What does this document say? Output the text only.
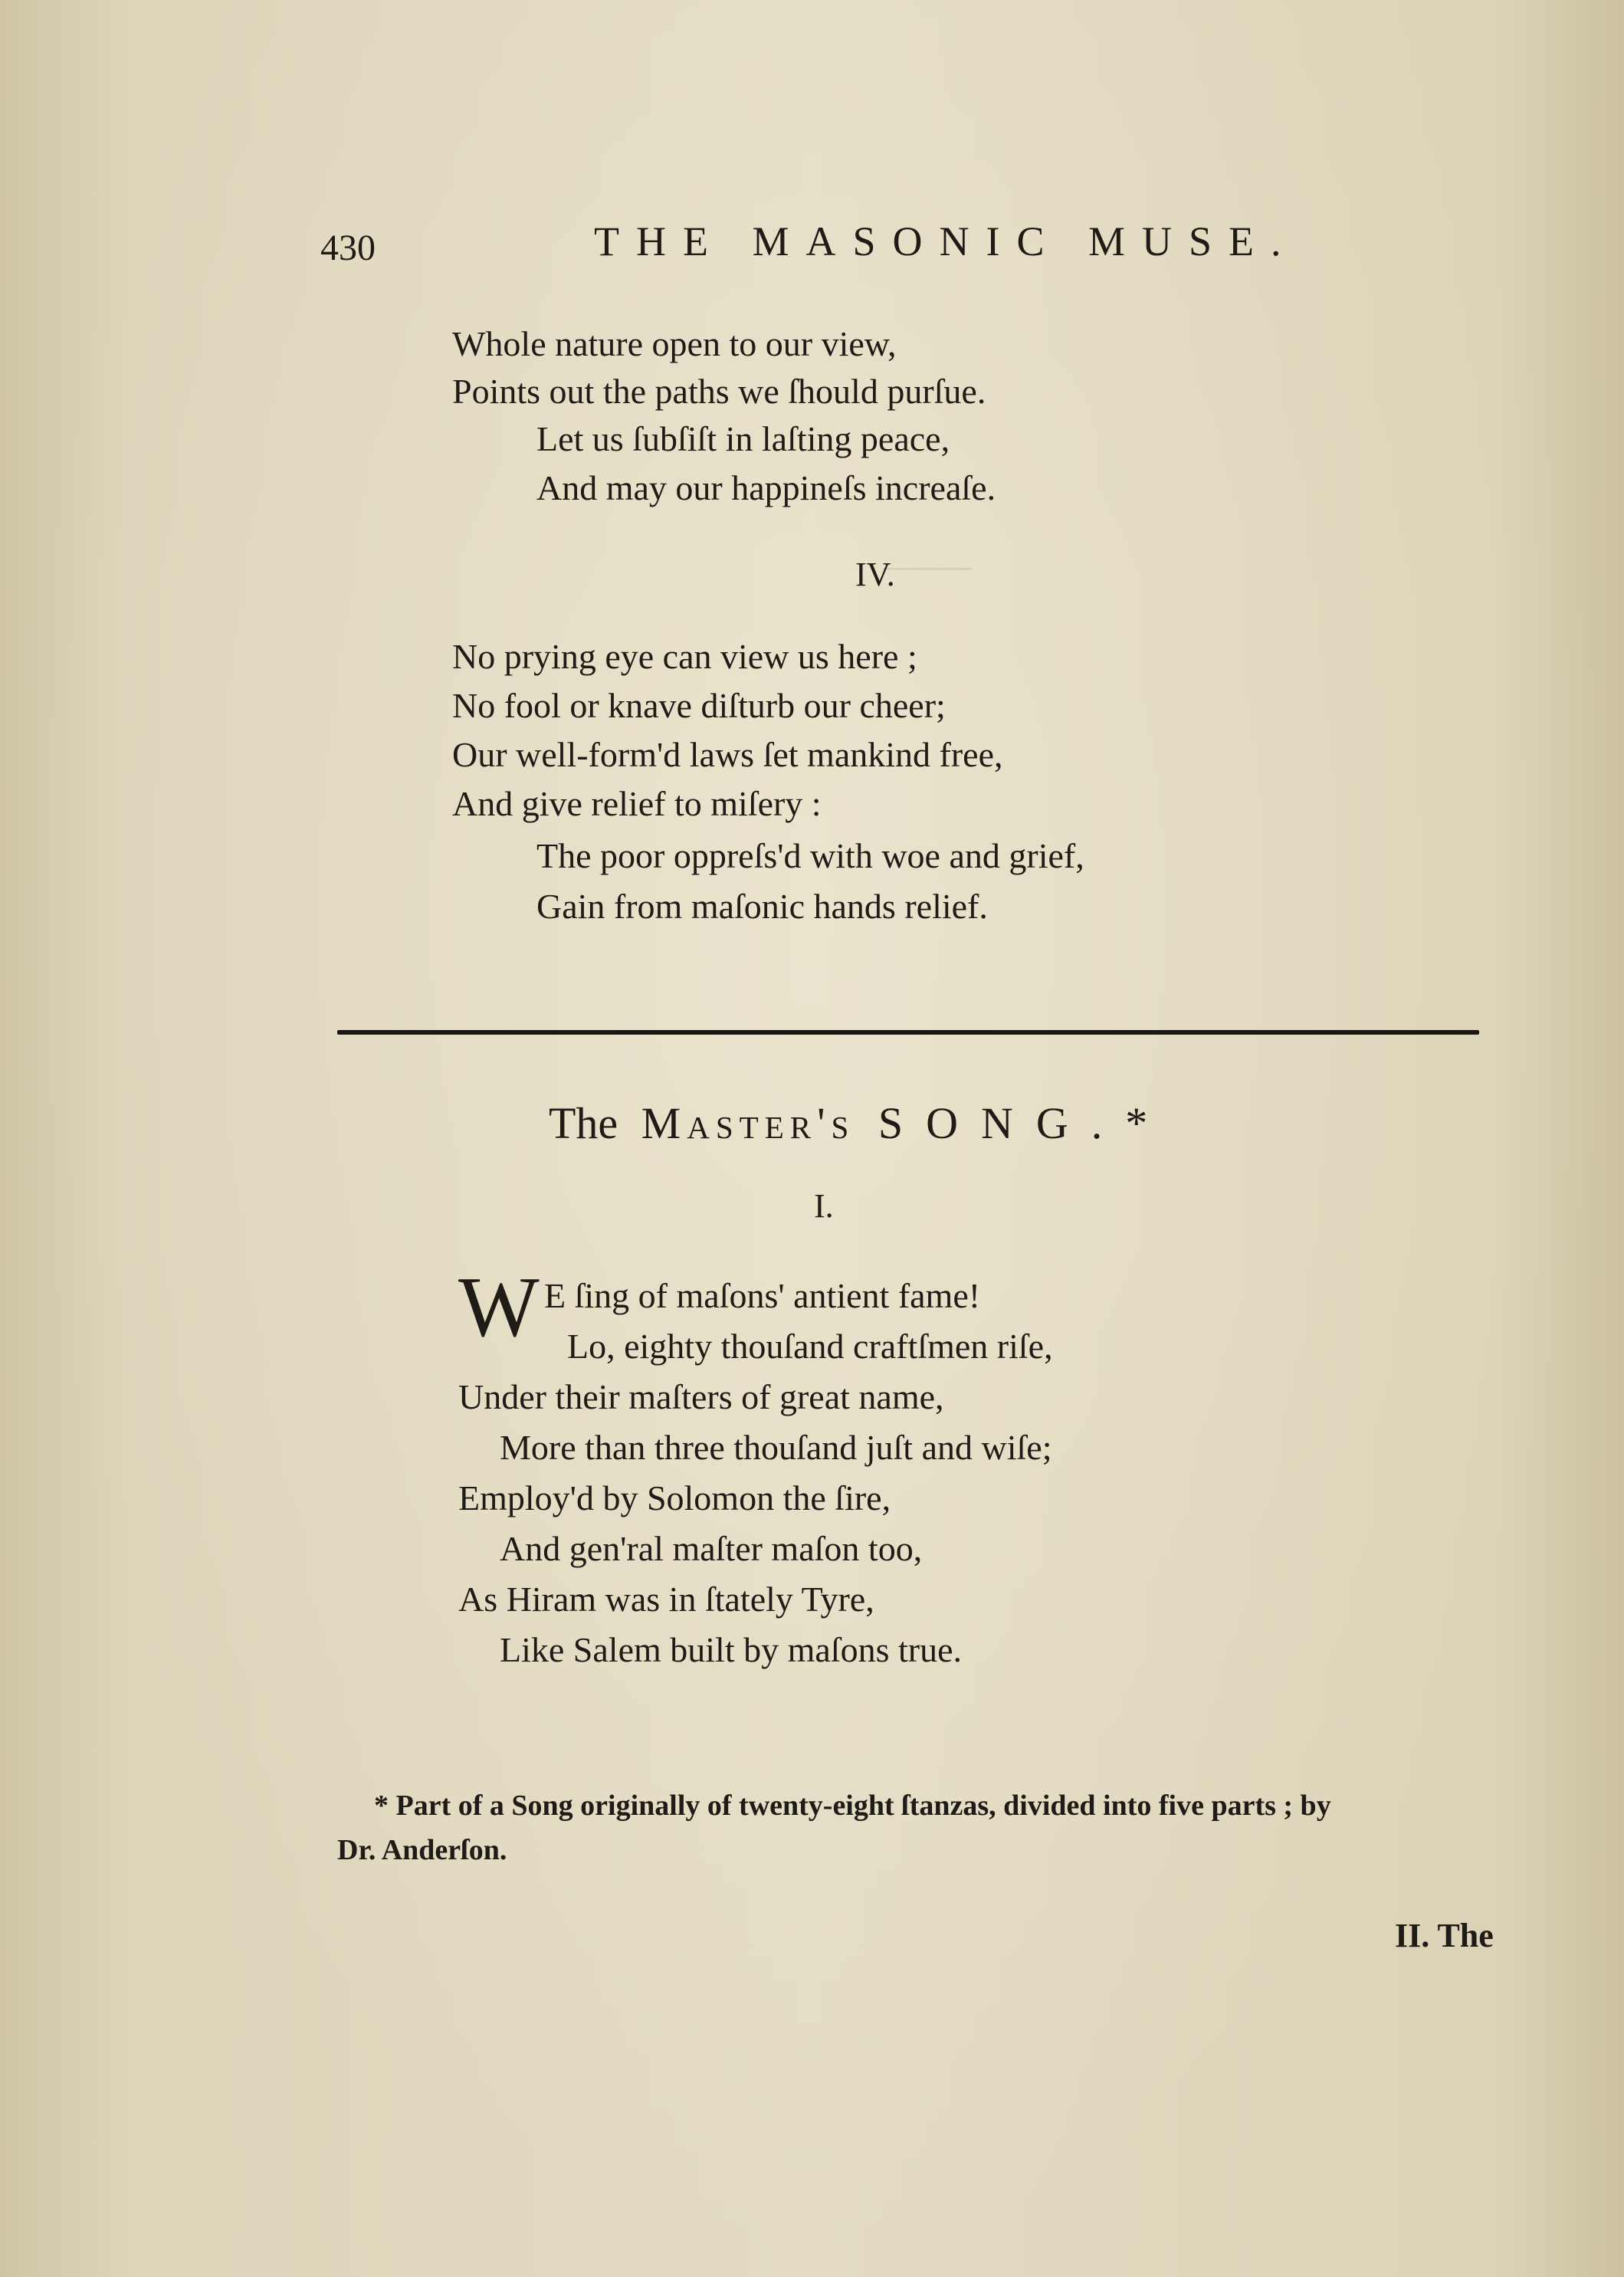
⸻
430	THE MASONIC MUSE.
Whole nature open to our view,
Points out the paths we ſhould purſue.
Let us ſubſiſt in laſting peace,
And may our happineſs increaſe.
IV.
No prying eye can view us here ;
No fool or knave diſturb our cheer;
Our well-form'd laws ſet mankind free,
And give relief to miſery :
The poor oppreſs'd with woe and grief,
Gain from maſonic hands relief.
The Master's SONG.*
I.
W E ſing of maſons' antient fame!
Lo, eighty thouſand craftſmen riſe,
Under their maſters of great name,
More than three thouſand juſt and wiſe;
Employ'd by Solomon the ſire,
And gen'ral maſter maſon too,
As Hiram was in ſtately Tyre,
Like Salem built by maſons true.
* Part of a Song originally of twenty-eight ſtanzas, divided into five parts ; by
Dr. Anderſon.
II. The
